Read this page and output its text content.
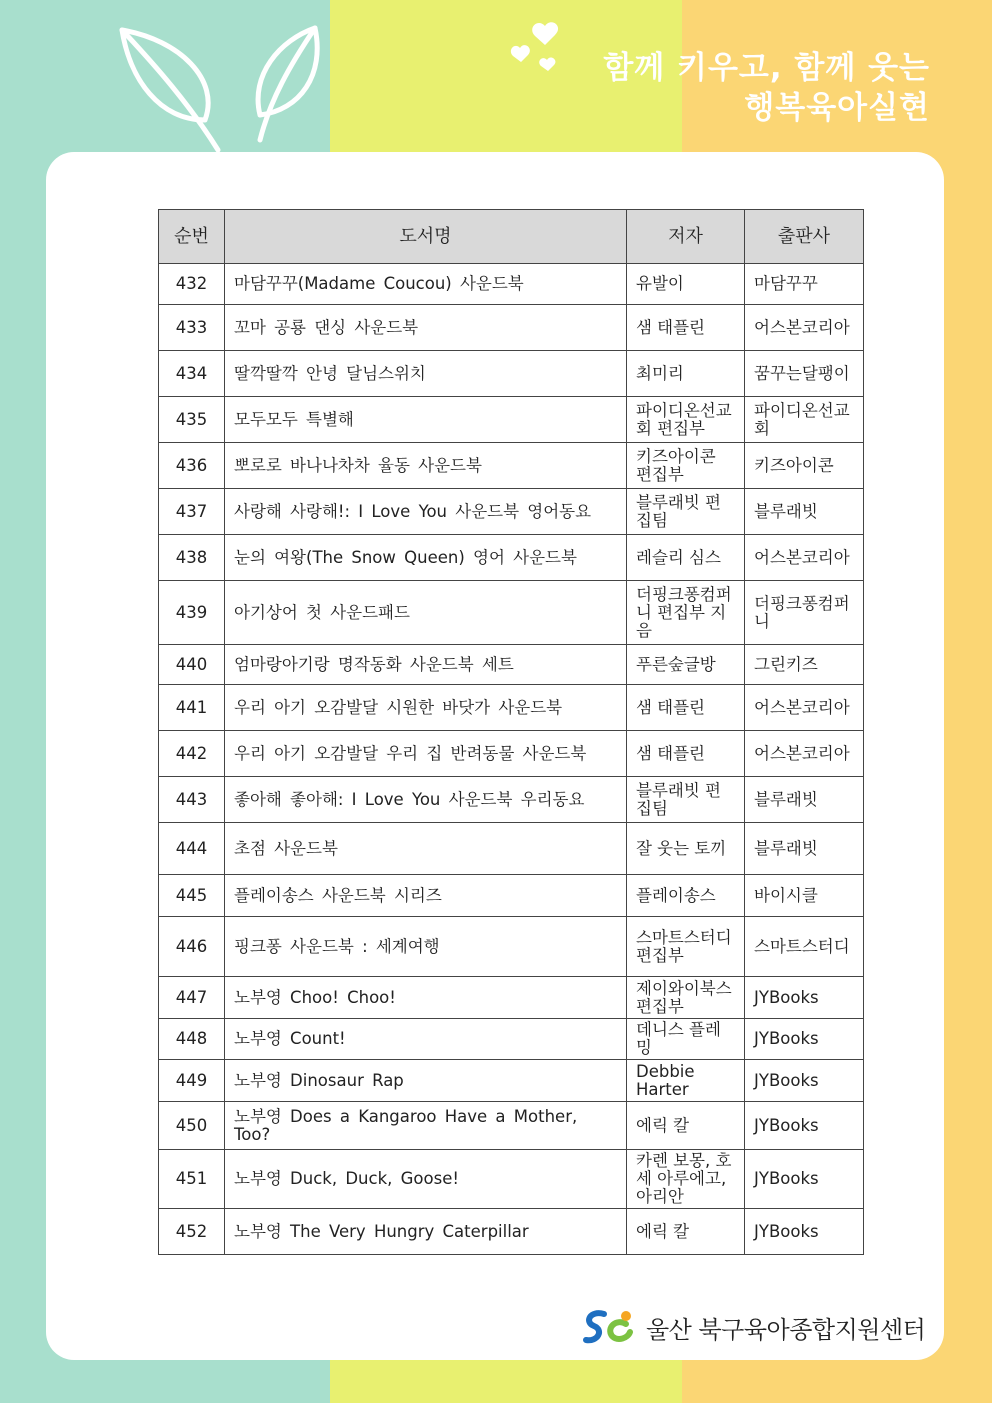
함께 키우고, 함께 웃는
행복육아실현
순번	도서명	저자	출판사
432	마담꾸꾸(Madame Coucou) 사운드북	유발이	마담꾸꾸
433	꼬마 공룡 댄싱 사운드북	샘 태플린	어스본코리아
434	딸깍딸깍 안녕 달님스위치	최미리	꿈꾸는달팽이
435	모두모두 특별해	파이디온선교회 편집부	파이디온선교회
436	뽀로로 바나나차차 율동 사운드북	키즈아이콘 편집부	키즈아이콘
437	사랑해 사랑해!: I Love You 사운드북 영어동요	블루래빗 편집팀	블루래빗
438	눈의 여왕(The Snow Queen) 영어 사운드북	레슬리 심스	어스본코리아
439	아기상어 첫 사운드패드	더핑크퐁컴퍼니 편집부 지음	더핑크퐁컴퍼니
440	엄마랑아기랑 명작동화 사운드북 세트	푸른숲글방	그린키즈
441	우리 아기 오감발달 시원한 바닷가 사운드북	샘 태플린	어스본코리아
442	우리 아기 오감발달 우리 집 반려동물 사운드북	샘 태플린	어스본코리아
443	좋아해 좋아해: I Love You 사운드북 우리동요	블루래빗 편집팀	블루래빗
444	초점 사운드북	잘 웃는 토끼	블루래빗
445	플레이송스 사운드북 시리즈	플레이송스	바이시클
446	핑크퐁 사운드북 : 세계여행	스마트스터디 편집부	스마트스터디
447	노부영 Choo! Choo!	제이와이북스 편집부	JYBooks
448	노부영 Count!	데니스 플레밍	JYBooks
449	노부영 Dinosaur Rap	Debbie Harter	JYBooks
450	노부영 Does a Kangaroo Have a Mother, Too?	에릭 칼	JYBooks
451	노부영 Duck, Duck, Goose!	카렌 보몽, 호세 아루에고, 아리안	JYBooks
452	노부영 The Very Hungry Caterpillar	에릭 칼	JYBooks
울산 북구육아종합지원센터
